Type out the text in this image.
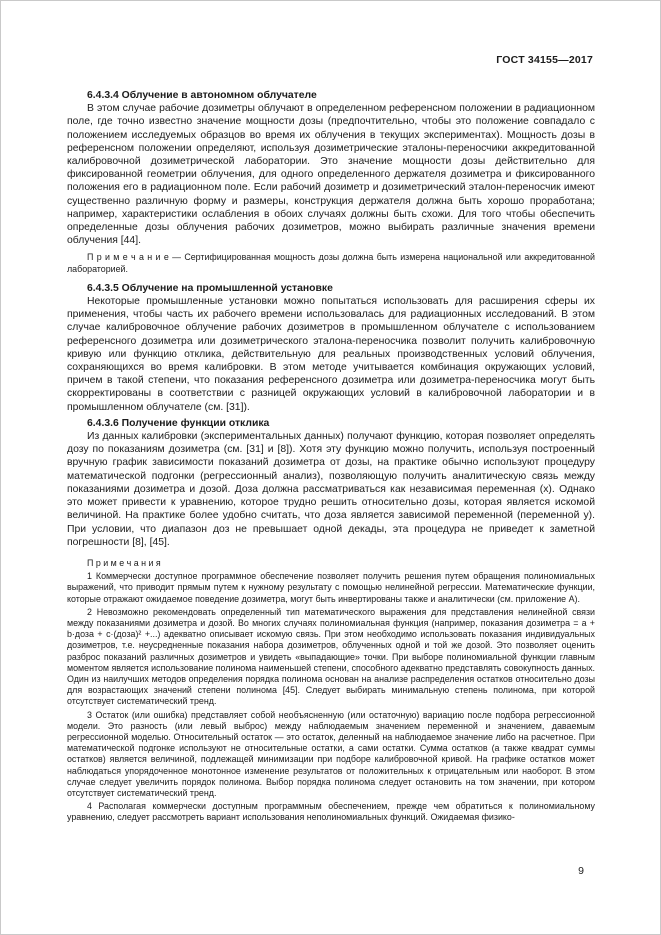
ГОСТ 34155—2017

6.4.3.4 Облучение в автономном облучателе

В этом случае рабочие дозиметры облучают в определенном референсном положении в радиационном поле, где точно известно значение мощности дозы (предпочтительно, чтобы это положение совпадало с положением исследуемых образцов во время их облучения в текущих экспериментах). Мощность дозы в референсном положении определяют, используя дозиметрические эталоны-переносчики аккредитованной калибровочной дозиметрической лаборатории. Это значение мощности дозы действительно для фиксированной геометрии облучения, для одного определенного держателя дозиметра и фиксированного положения его в радиационном поле. Если рабочий дозиметр и дозиметрический эталон-переносчик имеют существенно различную форму и размеры, конструкция держателя должна быть хорошо проработана; например, характеристики ослабления в обоих случаях должны быть схожи. Для того чтобы обеспечить определенные дозы облучения рабочих дозиметров, можно выбирать различные значения времени облучения [44].

П р и м е ч а н и е — Сертифицированная мощность дозы должна быть измерена национальной или аккредитованной лабораторией.

6.4.3.5 Облучение на промышленной установке

Некоторые промышленные установки можно попытаться использовать для расширения сферы их применения, чтобы часть их рабочего времени использовалась для радиационных исследований. В этом случае калибровочное облучение рабочих дозиметров в промышленном облучателе с использованием референсного дозиметра или дозиметрического эталона-переносчика позволит получить калибровочную кривую или функцию отклика, действительную для реальных производственных условий облучения, сохраняющихся во время калибровки. В этом методе учитывается комбинация окружающих условий, причем в такой степени, что показания референсного дозиметра или дозиметра-переносчика могут быть скорректированы в соответствии с разницей окружающих условий в калибровочной лаборатории и в промышленном облучателе (см. [31]).

6.4.3.6 Получение функции отклика

Из данных калибровки (экспериментальных данных) получают функцию, которая позволяет определять дозу по показаниям дозиметра (см. [31] и [8]). Хотя эту функцию можно получить, используя построенный вручную график зависимости показаний дозиметра от дозы, на практике обычно используют процедуру математической подгонки (регрессионный анализ), позволяющую получить аналитическую связь между показаниями дозиметра и дозой. Доза должна рассматриваться как независимая переменная (x). Однако это может привести к уравнению, которое трудно решить относительно дозы, которая является искомой величиной. На практике более удобно считать, что доза является зависимой переменной (переменной y). При условии, что диапазон доз не превышает одной декады, эта процедура не приведет к заметной погрешности [8], [45].

П р и м е ч а н и я

1 Коммерчески доступное программное обеспечение позволяет получить решения путем обращения полиномиальных выражений, что приводит прямым путем к нужному результату с помощью нелинейной регрессии. Математические функции, которые отражают ожидаемое поведение дозиметра, могут быть инвертированы также и аналитически (см. приложение А).

2 Невозможно рекомендовать определенный тип математического выражения для представления нелинейной связи между показаниями дозиметра и дозой. Во многих случаях полиномиальная функция (например, показания дозиметра = a + b·доза + c·(доза)² +...) адекватно описывает искомую связь. При этом необходимо использовать показания индивидуальных дозиметров, т.е. неусредненные показания набора дозиметров, облученных одной и той же дозой. Это позволяет оценить разброс показаний различных дозиметров и увидеть «выпадающие» точки. При выборе полиномиальной функции главным моментом является использование полинома наименьшей степени, способного адекватно представлять совокупность данных. Один из наилучших методов определения порядка полинома основан на анализе распределения остатков относительно дозы для возрастающих значений степени полинома [45]. Следует выбирать минимальную степень полинома, при которой отсутствует систематический тренд.

3 Остаток (или ошибка) представляет собой необъясненную (или остаточную) вариацию после подбора регрессионной модели. Это разность (или левый выброс) между наблюдаемым значением переменной и значением, даваемым регрессионной моделью. Относительный остаток — это остаток, деленный на наблюдаемое значение либо на расчетное. При математической подгонке используют не относительные остатки, а сами остатки. Сумма остатков (а также квадрат суммы остатков) является величиной, подлежащей минимизации при подборе калибровочной кривой. На графике остатков может наблюдаться упорядоченное монотонное изменение результатов от положительных к отрицательным или наоборот. В этом случае следует увеличить порядок полинома. Выбор порядка полинома следует остановить на том значении, при котором отсутствует систематический тренд.

4 Располагая коммерчески доступным программным обеспечением, прежде чем обратиться к полиномиальному уравнению, следует рассмотреть вариант использования неполиномиальных функций. Ожидаемая физико-

9
